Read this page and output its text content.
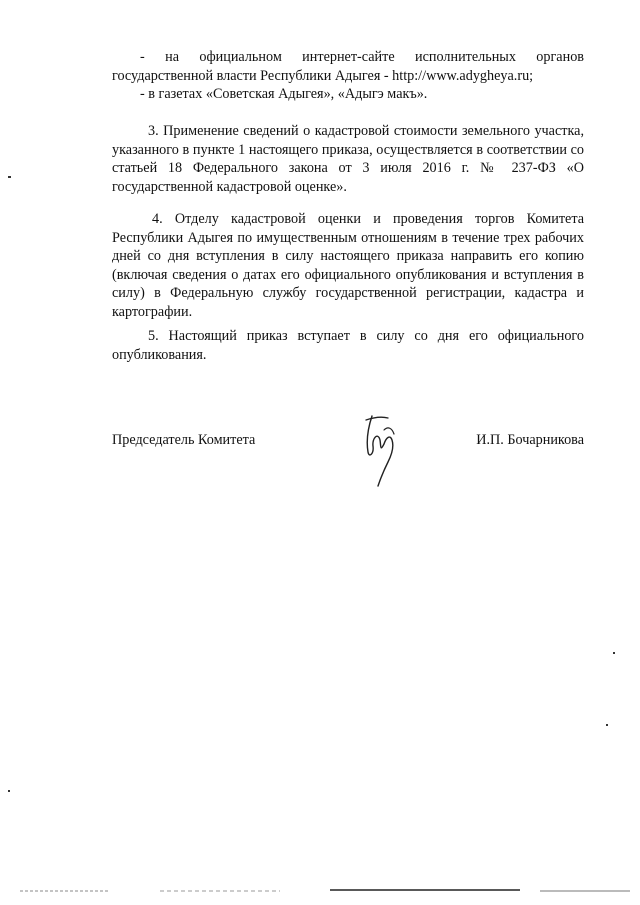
- на официальном интернет-сайте исполнительных органов государственной власти Республики Адыгея - http://www.adygheya.ru;

- в газетах «Советская Адыгея», «Адыгэ макъ».

3. Применение сведений о кадастровой стоимости земельного участка, указанного в пункте 1 настоящего приказа, осуществляется в соответствии со статьей 18 Федерального закона от 3 июля 2016 г. № 237-ФЗ «О государственной кадастровой оценке».

4. Отделу кадастровой оценки и проведения торгов Комитета Республики Адыгея по имущественным отношениям в течение трех рабочих дней со дня вступления в силу настоящего приказа направить его копию (включая сведения о датах его официального опубликования и вступления в силу) в Федеральную службу государственной регистрации, кадастра и картографии.

5. Настоящий приказ вступает в силу со дня его официального опубликования.

Председатель Комитета	И.П. Бочарникова
